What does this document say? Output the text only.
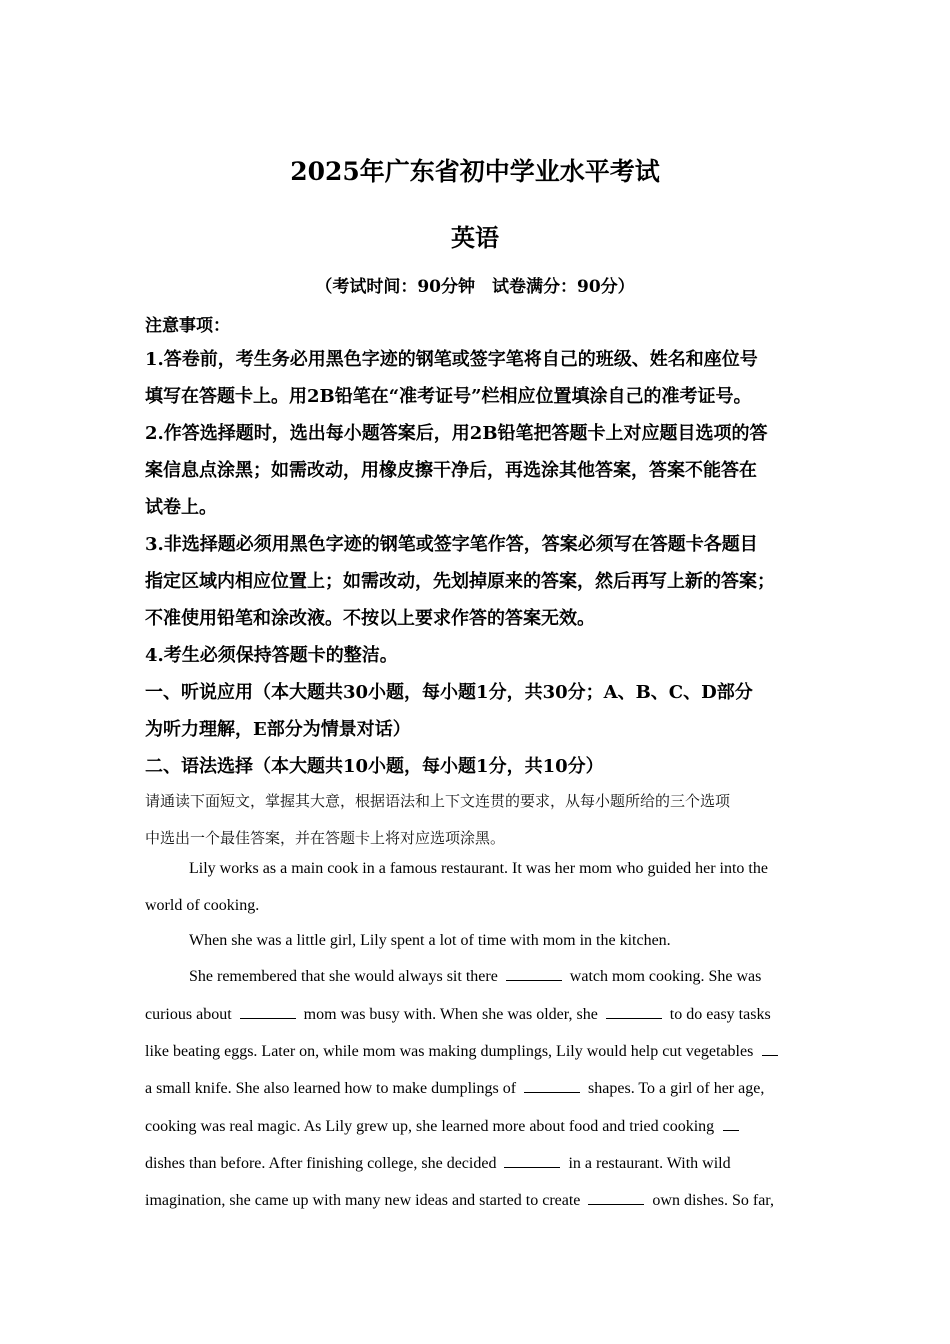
2025年广东省初中学业水平考试
英语
（考试时间：90分钟　试卷满分：90分）
注意事项：
1.答卷前，考生务必用黑色字迹的钢笔或签字笔将自己的班级、姓名和座位号
填写在答题卡上。用2B铅笔在“准考证号”栏相应位置填涂自己的准考证号。
2.作答选择题时，选出每小题答案后，用2B铅笔把答题卡上对应题目选项的答
案信息点涂黑；如需改动，用橡皮擦干净后，再选涂其他答案，答案不能答在
试卷上。
3.非选择题必须用黑色字迹的钢笔或签字笔作答，答案必须写在答题卡各题目
指定区域内相应位置上；如需改动，先划掉原来的答案，然后再写上新的答案；
不准使用铅笔和涂改液。不按以上要求作答的答案无效。
4.考生必须保持答题卡的整洁。
一、听说应用（本大题共30小题，每小题1分，共30分；A、B、C、D部分
为听力理解，E部分为情景对话）
二、语法选择（本大题共10小题，每小题1分，共10分）
请通读下面短文，掌握其大意，根据语法和上下文连贯的要求，从每小题所给的三个选项
中选出一个最佳答案，并在答题卡上将对应选项涂黑。
Lily works as a main cook in a famous restaurant. It was her mom who guided her into the
world of cooking.
When she was a little girl, Lily spent a lot of time with mom in the kitchen.
She remembered that she would always sit there	watch mom cooking. She was
curious about	mom was busy with. When she was older, she	to do easy tasks
like beating eggs. Later on, while mom was making dumplings, Lily would help cut vegetables
a small knife. She also learned how to make dumplings of	shapes. To a girl of her age,
cooking was real magic. As Lily grew up, she learned more about food and tried cooking
dishes than before. After finishing college, she decided	in a restaurant. With wild
imagination, she came up with many new ideas and started to create	own dishes. So far,
